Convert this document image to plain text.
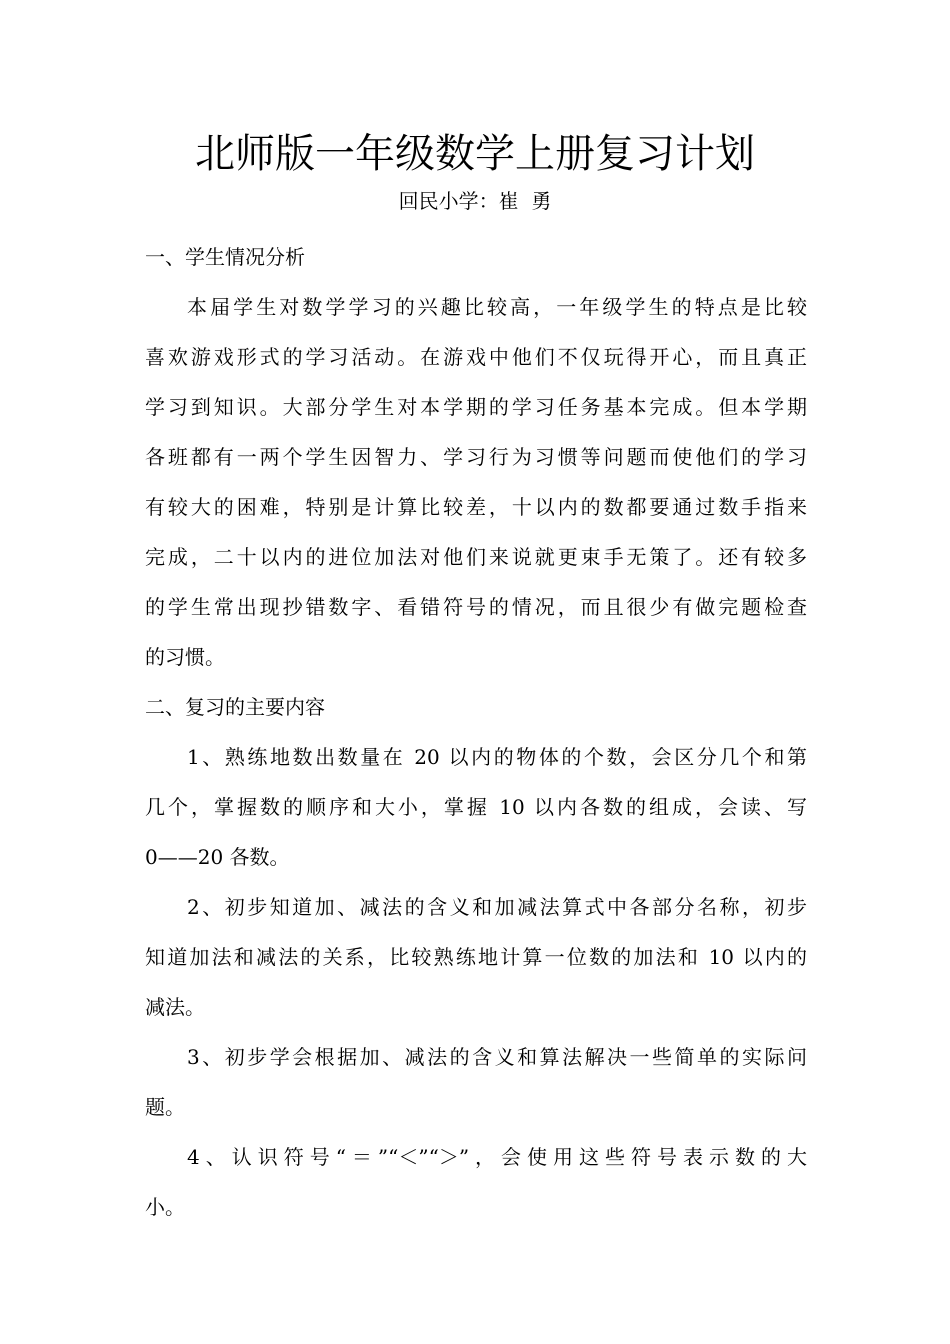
北师版一年级数学上册复习计划
回民小学：崔  勇
一、学生情况分析
本届学生对数学学习的兴趣比较高，一年级学生的特点是比较
喜欢游戏形式的学习活动。在游戏中他们不仅玩得开心，而且真正
学习到知识。大部分学生对本学期的学习任务基本完成。但本学期
各班都有一两个学生因智力、学习行为习惯等问题而使他们的学习
有较大的困难，特别是计算比较差，十以内的数都要通过数手指来
完成，二十以内的进位加法对他们来说就更束手无策了。还有较多
的学生常出现抄错数字、看错符号的情况，而且很少有做完题检查
的习惯。
二、复习的主要内容
1、熟练地数出数量在 20 以内的物体的个数，会区分几个和第
几个，掌握数的顺序和大小，掌握 10 以内各数的组成，会读、写
0——20 各数。
2、初步知道加、减法的含义和加减法算式中各部分名称，初步
知道加法和减法的关系，比较熟练地计算一位数的加法和 10 以内的
减法。
3、初步学会根据加、减法的含义和算法解决一些简单的实际问
题。
4、认识符号“＝”“＜”“＞”，会使用这些符号表示数的大
小。
